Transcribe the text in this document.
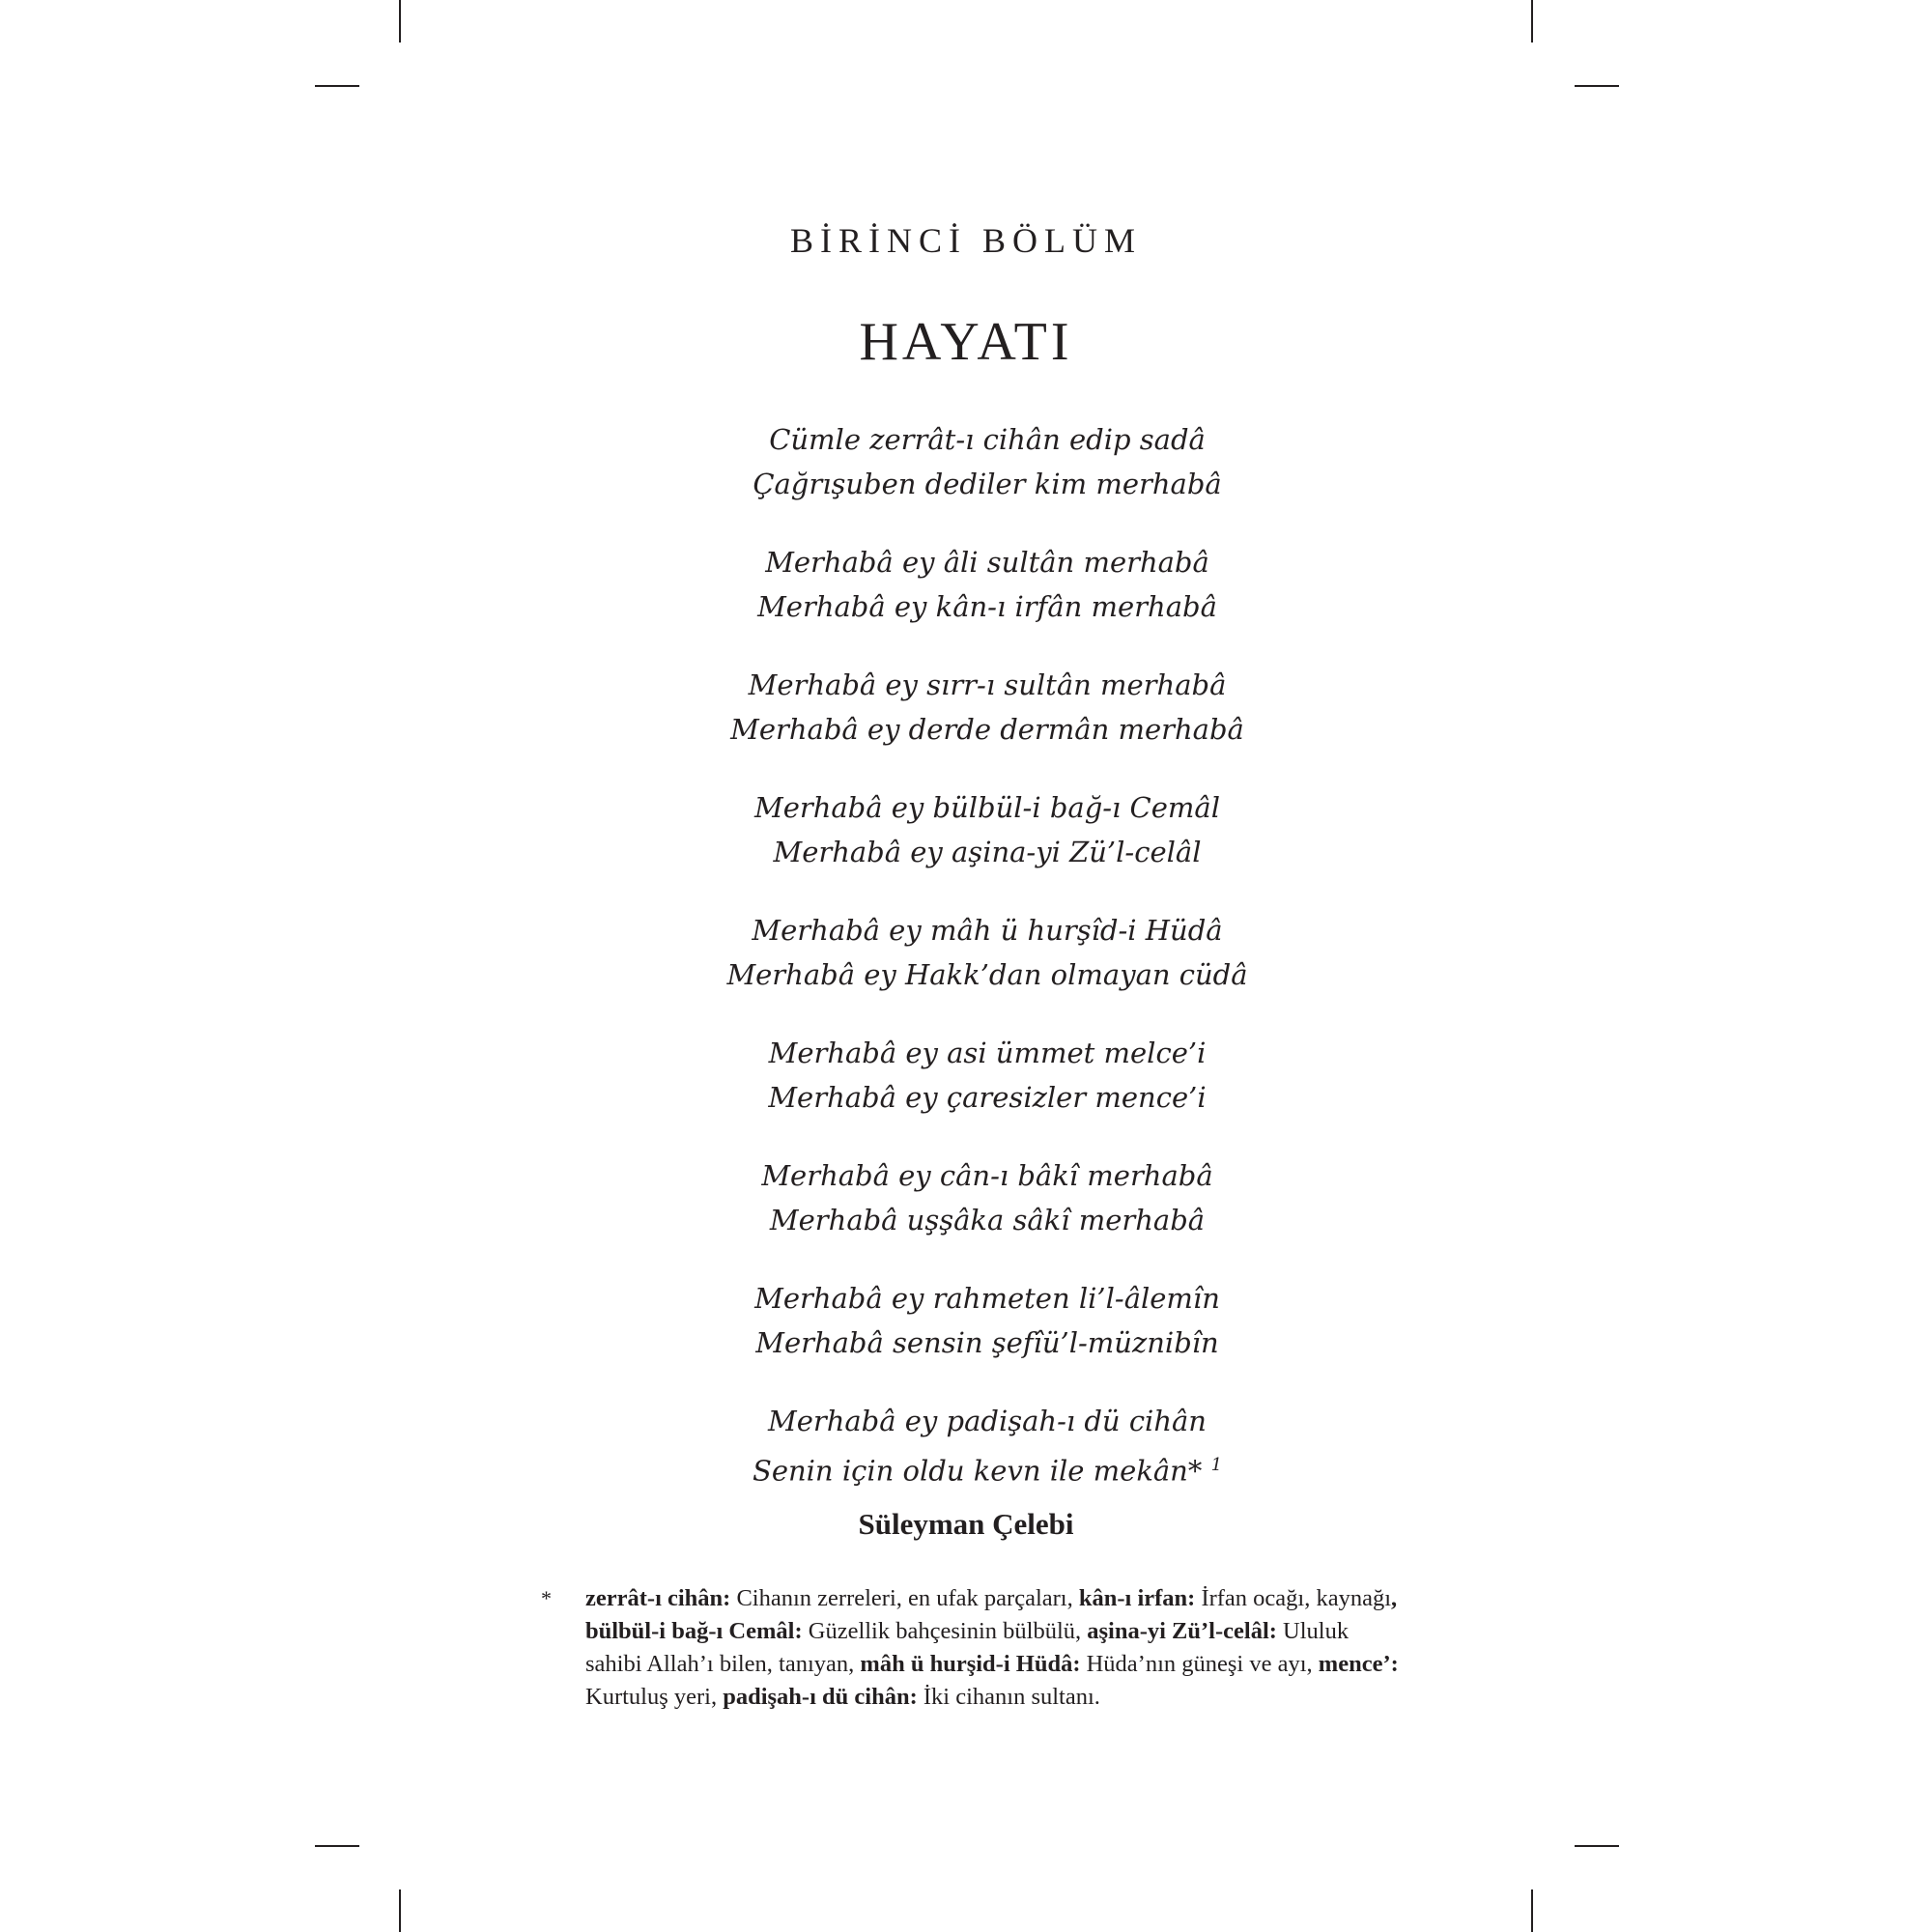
BİRİNCİ BÖLÜM
HAYATI
Cümle zerrât-ı cihân edip sadâ
Çağrışuben dediler kim merhabâ
Merhabâ ey âli sultân merhabâ
Merhabâ ey kân-ı irfân merhabâ
Merhabâ ey sırr-ı sultân merhabâ
Merhabâ ey derde dermân merhabâ
Merhabâ ey bülbül-i bağ-ı Cemâl
Merhabâ ey aşina-yi Zü’l-celâl
Merhabâ ey mâh ü hurşîd-i Hüdâ
Merhabâ ey Hakk’dan olmayan cüdâ
Merhabâ ey asi ümmet melce’i
Merhabâ ey çaresizler mence’i
Merhabâ ey cân-ı bâkî merhabâ
Merhabâ uşşâka sâkî merhabâ
Merhabâ ey rahmeten li’l-âlemîn
Merhabâ sensin şefîü’l-müznibîn
Merhabâ ey padişah-ı dü cihân
Senin için oldu kevn ile mekân* $^1$
Süleyman Çelebi
* zerrât-ı cihân: Cihanın zerreleri, en ufak parçaları, kân-ı irfan: İrfan ocağı, kaynağı, bülbül-i bağ-ı Cemâl: Güzellik bahçesinin bülbülü, aşina-yi Zü’l-celâl: Ululuk sahibi Allah’ı bilen, tanıyan, mâh ü hurşid-i Hüdâ: Hüda’nın güneşi ve ayı, mence’: Kurtuluş yeri, padişah-ı dü cihân: İki cihanın sultanı.
